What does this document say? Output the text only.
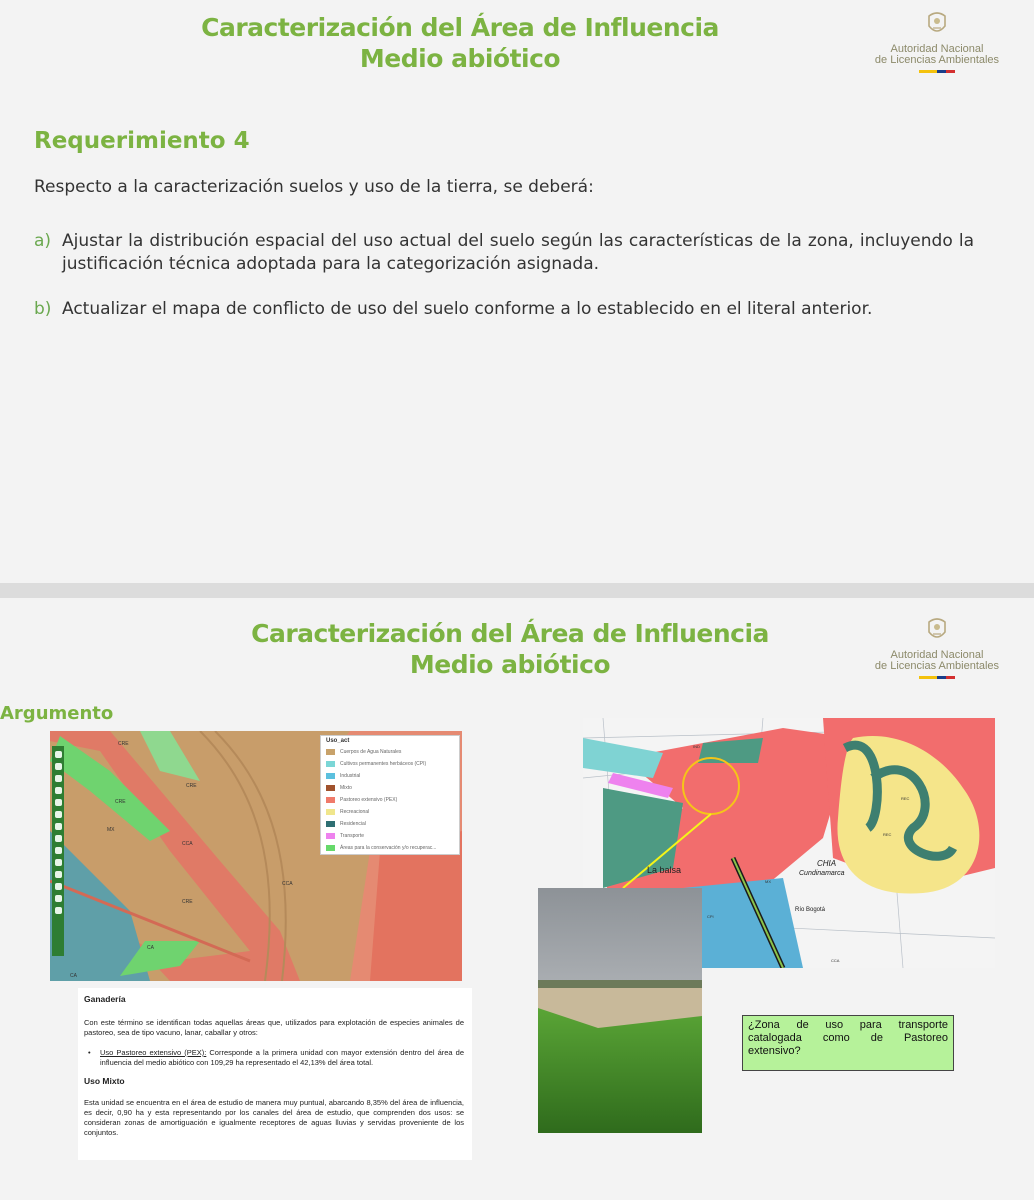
Caracterización del Área de Influencia
Medio abiótico	Autoridad Nacional
de Licencias Ambientales
Requerimiento 4
Respecto a la caracterización suelos y uso de la tierra, se deberá:
a) Ajustar la distribución espacial del uso actual del suelo según las características de la zona, incluyendo la justificación técnica adoptada para la categorización asignada.
b) Actualizar el mapa de conflicto de uso del suelo conforme a lo establecido en el literal anterior.
Caracterización del Área de Influencia
Medio abiótico	Autoridad Nacional
de Licencias Ambientales
Argumento
CRE
CRE
CRE
MX
CCA
CCA
CRE
CA
CA
Uso_act
Cuerpos de Agua Naturales
Cultivos permanentes herbáceos (CPI)
Industrial
Mixto
Pastoreo extensivo (PEX)
Recreacional
Residencial
Transporte
Áreas para la conservación y/o recuperac...
Ganadería
Con este término se identifican todas aquellas áreas que, utilizados para explotación de especies animales de pastoreo, sea de tipo vacuno, lanar, caballar y otros:
• Uso Pastoreo extensivo (PEX): Corresponde a la primera unidad con mayor extensión dentro del área de influencia del medio abiótico con 109,29 ha representado el 42,13% del área total.
Uso Mixto
Esta unidad se encuentra en el área de estudio de manera muy puntual, abarcando 8,35% del área de influencia, es decir, 0,90 ha y esta representando por los canales del área de estudio, que comprenden dos usos: se consideran zonas de amortiguación e igualmente receptores de aguas lluvias y servidas proveniente de los conjuntos.
La balsa
CHIA
Cundinamarca
Río Bogotá
IND
REC
REC
CPI
MX
CCA
¿Zona de uso para transporte catalogada como de Pastoreo extensivo?
